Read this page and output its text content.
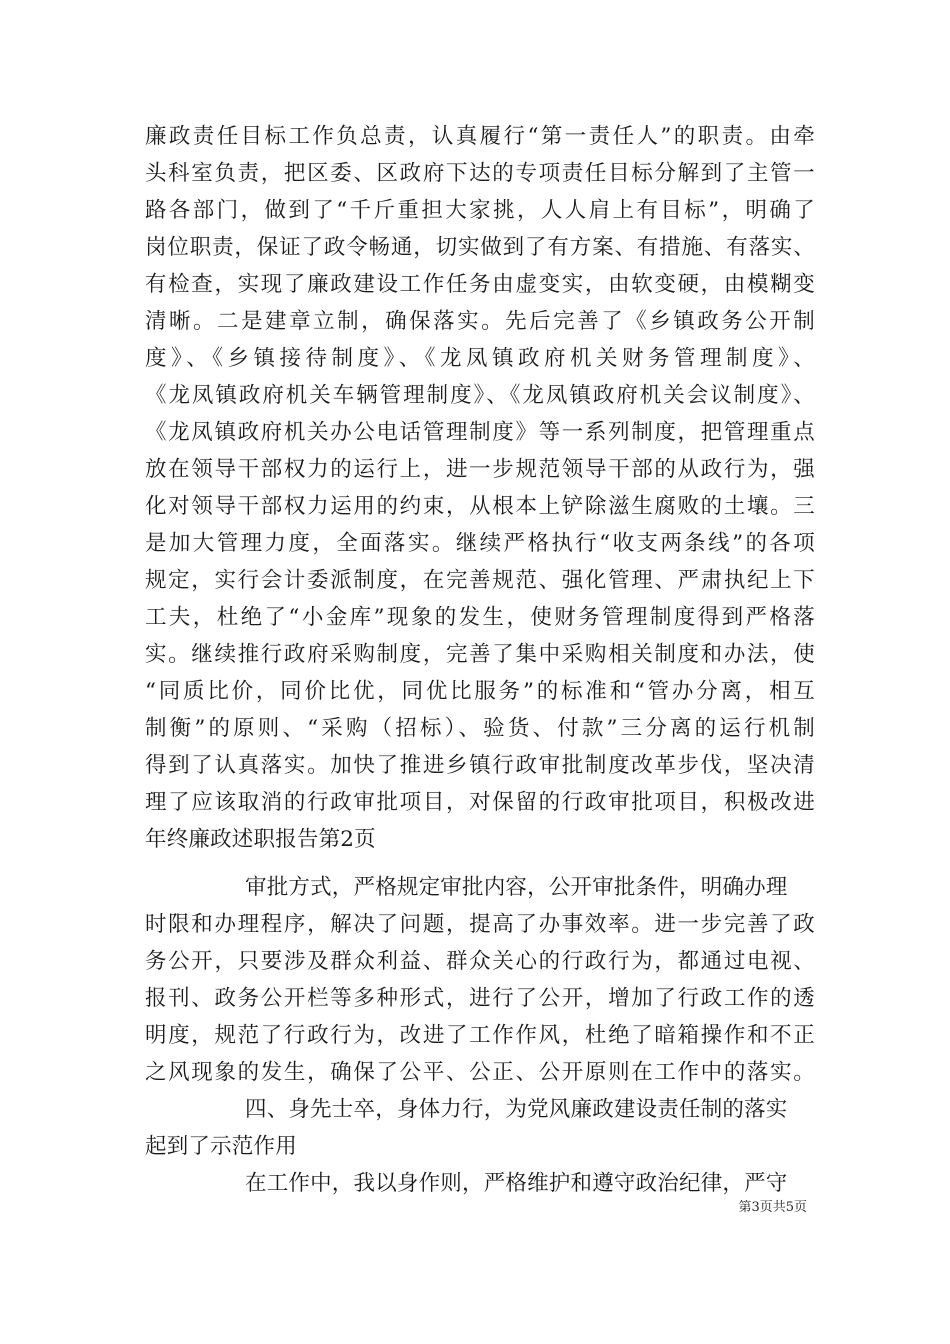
廉政责任目标工作负总责，认真履行“第一责任人”的职责。由牵
头科室负责，把区委、区政府下达的专项责任目标分解到了主管一
路各部门，做到了“千斤重担大家挑，人人肩上有目标”，明确了
岗位职责，保证了政令畅通，切实做到了有方案、有措施、有落实、
有检查，实现了廉政建设工作任务由虚变实，由软变硬，由模糊变
清晰。二是建章立制，确保落实。先后完善了《乡镇政务公开制
度》、《乡镇接待制度》、《龙凤镇政府机关财务管理制度》、
《龙凤镇政府机关车辆管理制度》、《龙凤镇政府机关会议制度》、
《龙凤镇政府机关办公电话管理制度》等一系列制度，把管理重点
放在领导干部权力的运行上，进一步规范领导干部的从政行为，强
化对领导干部权力运用的约束，从根本上铲除滋生腐败的土壤。三
是加大管理力度，全面落实。继续严格执行“收支两条线”的各项
规定，实行会计委派制度，在完善规范、强化管理、严肃执纪上下
工夫，杜绝了“小金库”现象的发生，使财务管理制度得到严格落
实。继续推行政府采购制度，完善了集中采购相关制度和办法，使
“同质比价，同价比优，同优比服务”的标准和“管办分离，相互
制衡”的原则、“采购（招标）、验货、付款”三分离的运行机制
得到了认真落实。加快了推进乡镇行政审批制度改革步伐，坚决清
理了应该取消的行政审批项目，对保留的行政审批项目，积极改进
年终廉政述职报告第2页
审批方式，严格规定审批内容，公开审批条件，明确办理
时限和办理程序，解决了问题，提高了办事效率。进一步完善了政
务公开，只要涉及群众利益、群众关心的行政行为，都通过电视、
报刊、政务公开栏等多种形式，进行了公开，增加了行政工作的透
明度，规范了行政行为，改进了工作作风，杜绝了暗箱操作和不正
之风现象的发生，确保了公平、公正、公开原则在工作中的落实。
四、身先士卒，身体力行，为党风廉政建设责任制的落实
起到了示范作用
在工作中，我以身作则，严格维护和遵守政治纪律，严守
第3页共5页
